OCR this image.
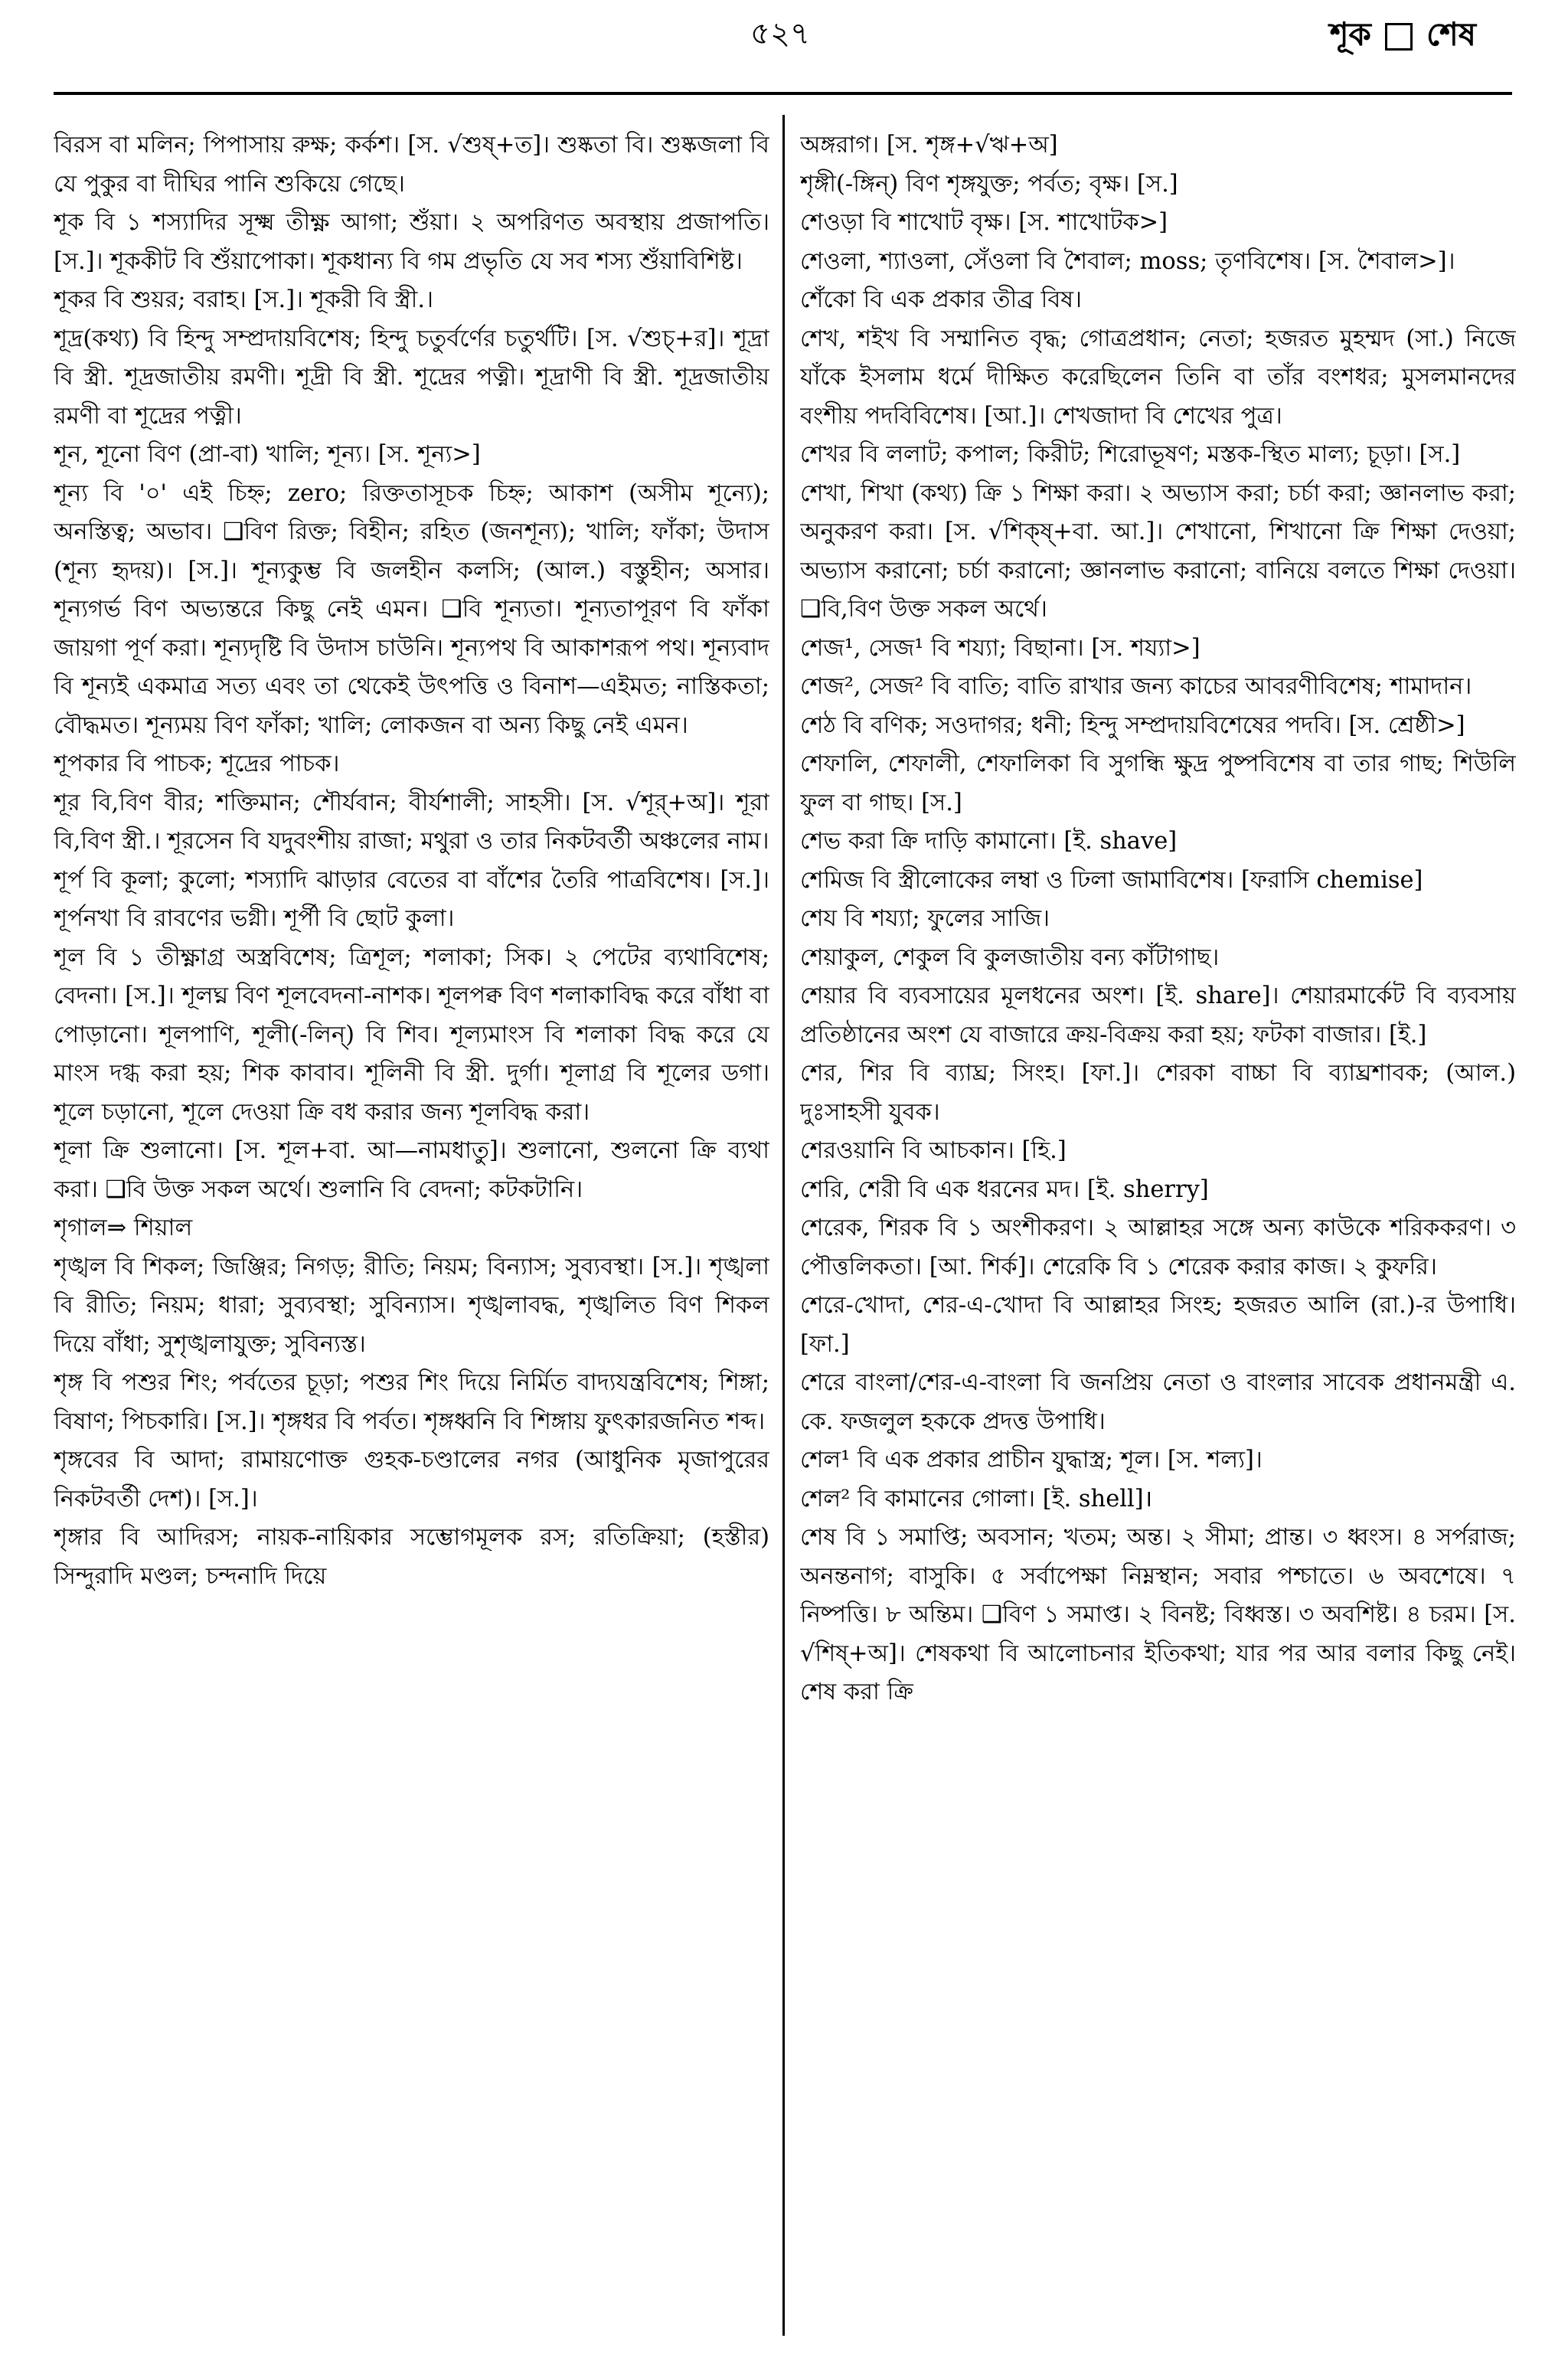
৫২৭	শূক শেষ

বিরস বা মলিন; পিপাসায় রুক্ষ; কর্কশ। [স. √শুষ্+ত]। শুষ্কতা বি। শুষ্কজলা বি যে পুকুর বা দীঘির পানি শুকিয়ে গেছে।

শূক বি ১ শস্যাদির সূক্ষ্ম তীক্ষ্ণ আগা; শুঁয়া। ২ অপরিণত অবস্থায় প্রজাপতি। [স.]। শূককীট বি শুঁয়াপোকা। শূকধান্য বি গম প্রভৃতি যে সব শস্য শুঁয়াবিশিষ্ট।

শূকর বি শুয়র; বরাহ। [স.]। শূকরী বি স্ত্রী.।

শূদ্র(কথ্য) বি হিন্দু সম্প্রদায়বিশেষ; হিন্দু চতুর্বর্ণের চতুর্থটি। [স. √শুচ্+র]। শূদ্রা বি স্ত্রী. শূদ্রজাতীয় রমণী। শূদ্রী বি স্ত্রী. শূদ্রের পত্নী। শূদ্রাণী বি স্ত্রী. শূদ্রজাতীয় রমণী বা শূদ্রের পত্নী।

শূন, শূনো বিণ (প্রা-বা) খালি; শূন্য। [স. শূন্য>]

শূন্য বি '০' এই চিহ্ন; zero; রিক্ততাসূচক চিহ্ন; আকাশ (অসীম শূন্যে); অনস্তিত্ব; অভাব। ❑বিণ রিক্ত; বিহীন; রহিত (জনশূন্য); খালি; ফাঁকা; উদাস (শূন্য হৃদয়)। [স.]। শূন্যকুম্ভ বি জলহীন কলসি; (আল.) বস্তুহীন; অসার। শূন্যগর্ভ বিণ অভ্যন্তরে কিছু নেই এমন। ❑বি শূন্যতা। শূন্যতাপূরণ বি ফাঁকা জায়গা পূর্ণ করা। শূন্যদৃষ্টি বি উদাস চাউনি। শূন্যপথ বি আকাশরূপ পথ। শূন্যবাদ বি শূন্যই একমাত্র সত্য এবং তা থেকেই উৎপত্তি ও বিনাশ—এইমত; নাস্তিকতা; বৌদ্ধমত। শূন্যময় বিণ ফাঁকা; খালি; লোকজন বা অন্য কিছু নেই এমন।

শূপকার বি পাচক; শূদ্রের পাচক।

শূর বি,বিণ বীর; শক্তিমান; শৌর্যবান; বীর্যশালী; সাহসী। [স. √শূর্+অ]। শূরা বি,বিণ স্ত্রী.। শূরসেন বি যদুবংশীয় রাজা; মথুরা ও তার নিকটবর্তী অঞ্চলের নাম।

শূর্প বি কূলা; কুলো; শস্যাদি ঝাড়ার বেতের বা বাঁশের তৈরি পাত্রবিশেষ। [স.]। শূর্পনখা বি রাবণের ভগ্নী। শূর্পী বি ছোট কুলা।

শূল বি ১ তীক্ষ্ণাগ্র অস্ত্রবিশেষ; ত্রিশূল; শলাকা; সিক। ২ পেটের ব্যথাবিশেষ; বেদনা। [স.]। শূলঘ্ন বিণ শূলবেদনা-নাশক। শূলপক্ব বিণ শলাকাবিদ্ধ করে বাঁধা বা পোড়ানো। শূলপাণি, শূলী(-লিন্) বি শিব। শূল্যমাংস বি শলাকা বিদ্ধ করে যে মাংস দগ্ধ করা হয়; শিক কাবাব। শূলিনী বি স্ত্রী. দুর্গা। শূলাগ্র বি শূলের ডগা। শূলে চড়ানো, শূলে দেওয়া ক্রি বধ করার জন্য শূলবিদ্ধ করা।

শূলা ক্রি শুলানো। [স. শূল+বা. আ—নামধাতু]। শুলানো, শুলনো ক্রি ব্যথা করা। ❑বি উক্ত সকল অর্থে। শুলানি বি বেদনা; কটকটানি।

শৃগাল⇒ শিয়াল

শৃঙ্খল বি শিকল; জিঞ্জির; নিগড়; রীতি; নিয়ম; বিন্যাস; সুব্যবস্থা। [স.]। শৃঙ্খলা বি রীতি; নিয়ম; ধারা; সুব্যবস্থা; সুবিন্যাস। শৃঙ্খলাবদ্ধ, শৃঙ্খলিত বিণ শিকল দিয়ে বাঁধা; সুশৃঙ্খলাযুক্ত; সুবিন্যস্ত।

শৃঙ্গ বি পশুর শিং; পর্বতের চূড়া; পশুর শিং দিয়ে নির্মিত বাদ্যযন্ত্রবিশেষ; শিঙ্গা; বিষাণ; পিচকারি। [স.]। শৃঙ্গধর বি পর্বত। শৃঙ্গধ্বনি বি শিঙ্গায় ফুৎকারজনিত শব্দ।

শৃঙ্গবের বি আদা; রামায়ণোক্ত গুহক-চণ্ডালের নগর (আধুনিক মৃজাপুরের নিকটবর্তী দেশ)। [স.]।

শৃঙ্গার বি আদিরস; নায়ক-নায়িকার সম্ভোগমূলক রস; রতিক্রিয়া; (হস্তীর) সিন্দুরাদি মণ্ডল; চন্দনাদি দিয়ে

অঙ্গরাগ। [স. শৃঙ্গ+√ঋ+অ]

শৃঙ্গী(-ঙ্গিন্) বিণ শৃঙ্গযুক্ত; পর্বত; বৃক্ষ। [স.]

শেওড়া বি শাখোট বৃক্ষ। [স. শাখোটক>]

শেওলা, শ্যাওলা, সেঁওলা বি শৈবাল; moss; তৃণবিশেষ। [স. শৈবাল>]।

শেঁকো বি এক প্রকার তীব্র বিষ।

শেখ, শইখ বি সম্মানিত বৃদ্ধ; গোত্রপ্রধান; নেতা; হজরত মুহম্মদ (সা.) নিজে যাঁকে ইসলাম ধর্মে দীক্ষিত করেছিলেন তিনি বা তাঁর বংশধর; মুসলমানদের বংশীয় পদবিবিশেষ। [আ.]। শেখজাদা বি শেখের পুত্র।

শেখর বি ললাট; কপাল; কিরীট; শিরোভূষণ; মস্তক-স্থিত মাল্য; চূড়া। [স.]

শেখা, শিখা (কথ্য) ক্রি ১ শিক্ষা করা। ২ অভ্যাস করা; চর্চা করা; জ্ঞানলাভ করা; অনুকরণ করা। [স. √শিক্ষ্+বা. আ.]। শেখানো, শিখানো ক্রি শিক্ষা দেওয়া; অভ্যাস করানো; চর্চা করানো; জ্ঞানলাভ করানো; বানিয়ে বলতে শিক্ষা দেওয়া। ❑বি,বিণ উক্ত সকল অর্থে।

শেজ¹, সেজ¹ বি শয্যা; বিছানা। [স. শয্যা>]

শেজ², সেজ² বি বাতি; বাতি রাখার জন্য কাচের আবরণীবিশেষ; শামাদান।

শেঠ বি বণিক; সওদাগর; ধনী; হিন্দু সম্প্রদায়বিশেষের পদবি। [স. শ্রেষ্ঠী>]

শেফালি, শেফালী, শেফালিকা বি সুগন্ধি ক্ষুদ্র পুষ্পবিশেষ বা তার গাছ; শিউলি ফুল বা গাছ। [স.]

শেভ করা ক্রি দাড়ি কামানো। [ই. shave]

শেমিজ বি স্ত্রীলোকের লম্বা ও ঢিলা জামাবিশেষ। [ফরাসি chemise]

শেয বি শয্যা; ফুলের সাজি।

শেয়াকুল, শেকুল বি কুলজাতীয় বন্য কাঁটাগাছ।

শেয়ার বি ব্যবসায়ের মূলধনের অংশ। [ই. share]। শেয়ারমার্কেট বি ব্যবসায় প্রতিষ্ঠানের অংশ যে বাজারে ক্রয়-বিক্রয় করা হয়; ফটকা বাজার। [ই.]

শের, শির বি ব্যাঘ্র; সিংহ। [ফা.]। শেরকা বাচ্চা বি ব্যাঘ্রশাবক; (আল.) দুঃসাহসী যুবক।

শেরওয়ানি বি আচকান। [হি.]

শেরি, শেরী বি এক ধরনের মদ। [ই. sherry]

শেরেক, শিরক বি ১ অংশীকরণ। ২ আল্লাহর সঙ্গে অন্য কাউকে শরিককরণ। ৩ পৌত্তলিকতা। [আ. শির্ক]। শেরেকি বি ১ শেরেক করার কাজ। ২ কুফরি।

শেরে-খোদা, শের-এ-খোদা বি আল্লাহর সিংহ; হজরত আলি (রা.)-র উপাধি। [ফা.]

শেরে বাংলা/শের-এ-বাংলা বি জনপ্রিয় নেতা ও বাংলার সাবেক প্রধানমন্ত্রী এ. কে. ফজলুল হককে প্রদত্ত উপাধি।

শেল¹ বি এক প্রকার প্রাচীন যুদ্ধাস্ত্র; শূল। [স. শল্য]।

শেল² বি কামানের গোলা। [ই. shell]।

শেষ বি ১ সমাপ্তি; অবসান; খতম; অন্ত। ২ সীমা; প্রান্ত। ৩ ধ্বংস। ৪ সর্পরাজ; অনন্তনাগ; বাসুকি। ৫ সর্বাপেক্ষা নিম্নস্থান; সবার পশ্চাতে। ৬ অবশেষে। ৭ নিষ্পত্তি। ৮ অন্তিম। ❑বিণ ১ সমাপ্ত। ২ বিনষ্ট; বিধ্বস্ত। ৩ অবশিষ্ট। ৪ চরম। [স. √শিষ্+অ]। শেষকথা বি আলোচনার ইতিকথা; যার পর আর বলার কিছু নেই। শেষ করা ক্রি
